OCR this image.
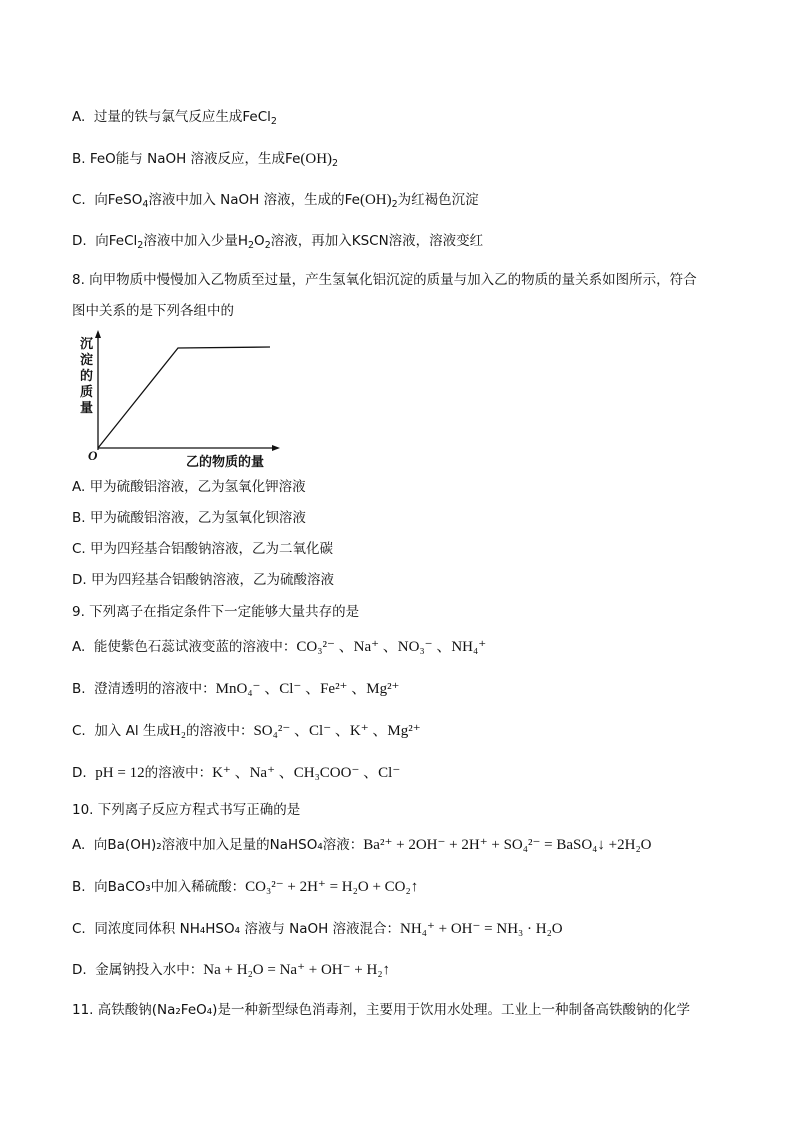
A. 过量的铁与氯气反应生成FeCl$_2$
B. FeO能与 NaOH 溶液反应，生成$Fe(OH)_2$
C. 向FeSO$_4$溶液中加入 NaOH 溶液，生成的$Fe(OH)_2$为红褐色沉淀
D. 向FeCl$_2$溶液中加入少量$H_2O_2$溶液，再加入KSCN溶液，溶液变红
8. 向甲物质中慢慢加入乙物质至过量，产生氢氧化铝沉淀的质量与加入乙的物质的量关系如图所示，符合
图中关系的是下列各组中的
沉淀的质量
O	乙的物质的量
A. 甲为硫酸铝溶液，乙为氢氧化钾溶液
B. 甲为硫酸铝溶液，乙为氢氧化钡溶液
C. 甲为四羟基合铝酸钠溶液，乙为二氧化碳
D. 甲为四羟基合铝酸钠溶液，乙为硫酸溶液
9. 下列离子在指定条件下一定能够大量共存的是
A. 能使紫色石蕊试液变蓝的溶液中：CO₃²⁻ 、Na⁺ 、NO₃⁻ 、NH₄⁺
B. 澄清透明的溶液中：MnO₄⁻ 、Cl⁻ 、Fe²⁺ 、Mg²⁺
C. 加入 Al 生成H₂的溶液中：SO₄²⁻ 、Cl⁻ 、K⁺ 、Mg²⁺
D. pH = 12的溶液中：K⁺ 、Na⁺ 、CH₃COO⁻ 、Cl⁻
10. 下列离子反应方程式书写正确的是
A. 向Ba(OH)₂溶液中加入足量的NaHSO₄溶液：Ba²⁺ + 2OH⁻ + 2H⁺ + SO₄²⁻ = BaSO₄↓ +2H₂O
B. 向BaCO₃中加入稀硫酸：CO₃²⁻ + 2H⁺ = H₂O + CO₂↑
C. 同浓度同体积 NH₄HSO₄ 溶液与 NaOH 溶液混合：NH₄⁺ + OH⁻ = NH₃ · H₂O
D. 金属钠投入水中：Na + H₂O = Na⁺ + OH⁻ + H₂↑
11. 高铁酸钠(Na₂FeO₄)是一种新型绿色消毒剂，主要用于饮用水处理。工业上一种制备高铁酸钠的化学
